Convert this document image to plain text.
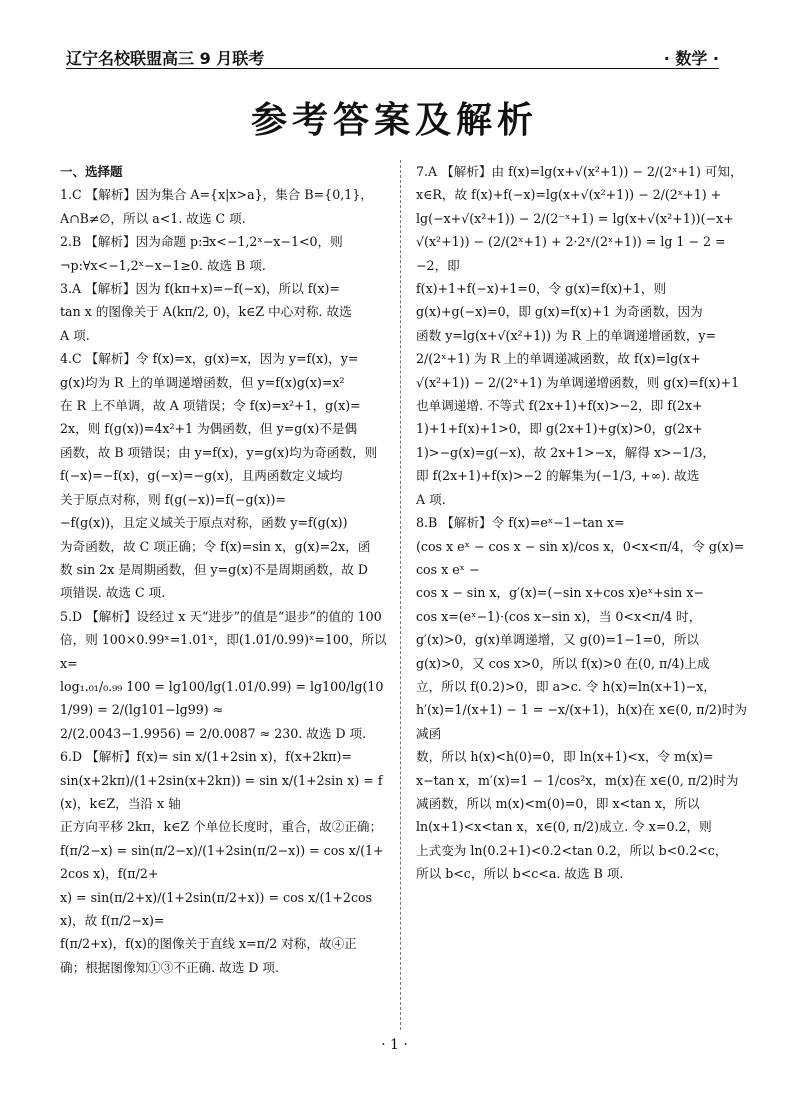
辽宁名校联盟高三 9 月联考	· 数学 ·
参考答案及解析

一、选择题

1.C 【解析】因为集合 A={x|x>a}，集合 B={0,1}，

A∩B≠∅，所以 a<1. 故选 C 项.

2.B 【解析】因为命题 p:∃x<−1,2ˣ−x−1<0，则

¬p:∀x<−1,2ˣ−x−1≥0. 故选 B 项.

3.A 【解析】因为 f(kπ+x)=−f(−x)，所以 f(x)=

tan x 的图像关于 A(kπ/2, 0)，k∈Z 中心对称. 故选

A 项.

4.C 【解析】令 f(x)=x，g(x)=x，因为 y=f(x)，y=

g(x)均为 R 上的单调递增函数，但 y=f(x)g(x)=x²

在 R 上不单调，故 A 项错误；令 f(x)=x²+1，g(x)=

2x，则 f(g(x))=4x²+1 为偶函数，但 y=g(x)不是偶

函数，故 B 项错误；由 y=f(x)，y=g(x)均为奇函数，则

f(−x)=−f(x)，g(−x)=−g(x)，且两函数定义域均

关于原点对称，则 f(g(−x))=f(−g(x))=

−f(g(x))，且定义域关于原点对称，函数 y=f(g(x))

为奇函数，故 C 项正确；令 f(x)=sin x，g(x)=2x，函

数 sin 2x 是周期函数，但 y=g(x)不是周期函数，故 D

项错误. 故选 C 项.

5.D 【解析】设经过 x 天“进步”的值是“退步”的值的 100

倍，则 100×0.99ˣ=1.01ˣ，即(1.01/0.99)ˣ=100，所以 x=

log₁.₀₁/₀.₉₉ 100 = lg100/lg(1.01/0.99) = lg100/lg(101/99) = 2/(lg101−lg99) ≈

2/(2.0043−1.9956) = 2/0.0087 ≈ 230. 故选 D 项.

6.D 【解析】f(x)= sin x/(1+2sin x)，f(x+2kπ)=

sin(x+2kπ)/(1+2sin(x+2kπ)) = sin x/(1+2sin x) = f(x)，k∈Z，当沿 x 轴

正方向平移 2kπ，k∈Z 个单位长度时，重合，故②正确；

f(π/2−x) = sin(π/2−x)/(1+2sin(π/2−x)) = cos x/(1+2cos x)，f(π/2+

x) = sin(π/2+x)/(1+2sin(π/2+x)) = cos x/(1+2cos x)，故 f(π/2−x)=

f(π/2+x)，f(x)的图像关于直线 x=π/2 对称，故④正

确；根据图像知①③不正确. 故选 D 项.

7.A 【解析】由 f(x)=lg(x+√(x²+1)) − 2/(2ˣ+1) 可知，

x∈R，故 f(x)+f(−x)=lg(x+√(x²+1)) − 2/(2ˣ+1) +

lg(−x+√(x²+1)) − 2/(2⁻ˣ+1) = lg(x+√(x²+1))(−x+

√(x²+1)) − (2/(2ˣ+1) + 2·2ˣ/(2ˣ+1)) = lg 1 − 2 = −2，即

f(x)+1+f(−x)+1=0，令 g(x)=f(x)+1，则

g(x)+g(−x)=0，即 g(x)=f(x)+1 为奇函数，因为

函数 y=lg(x+√(x²+1)) 为 R 上的单调递增函数，y=

2/(2ˣ+1) 为 R 上的单调递减函数，故 f(x)=lg(x+

√(x²+1)) − 2/(2ˣ+1) 为单调递增函数，则 g(x)=f(x)+1

也单调递增. 不等式 f(2x+1)+f(x)>−2，即 f(2x+

1)+1+f(x)+1>0，即 g(2x+1)+g(x)>0，g(2x+

1)>−g(x)=g(−x)，故 2x+1>−x，解得 x>−1/3，

即 f(2x+1)+f(x)>−2 的解集为(−1/3, +∞). 故选

A 项.

8.B 【解析】令 f(x)=eˣ−1−tan x=

(cos x eˣ − cos x − sin x)/cos x，0<x<π/4，令 g(x)=cos x eˣ −

cos x − sin x，g′(x)=(−sin x+cos x)eˣ+sin x−

cos x=(eˣ−1)·(cos x−sin x)，当 0<x<π/4 时，

g′(x)>0，g(x)单调递增，又 g(0)=1−1=0，所以

g(x)>0，又 cos x>0，所以 f(x)>0 在(0, π/4)上成

立，所以 f(0.2)>0，即 a>c. 令 h(x)=ln(x+1)−x，

h′(x)=1/(x+1) − 1 = −x/(x+1)，h(x)在 x∈(0, π/2)时为减函

数，所以 h(x)<h(0)=0，即 ln(x+1)<x，令 m(x)=

x−tan x，m′(x)=1 − 1/cos²x，m(x)在 x∈(0, π/2)时为

减函数，所以 m(x)<m(0)=0，即 x<tan x，所以

ln(x+1)<x<tan x，x∈(0, π/2)成立. 令 x=0.2，则

上式变为 ln(0.2+1)<0.2<tan 0.2，所以 b<0.2<c，

所以 b<c，所以 b<c<a. 故选 B 项.

· 1 ·
